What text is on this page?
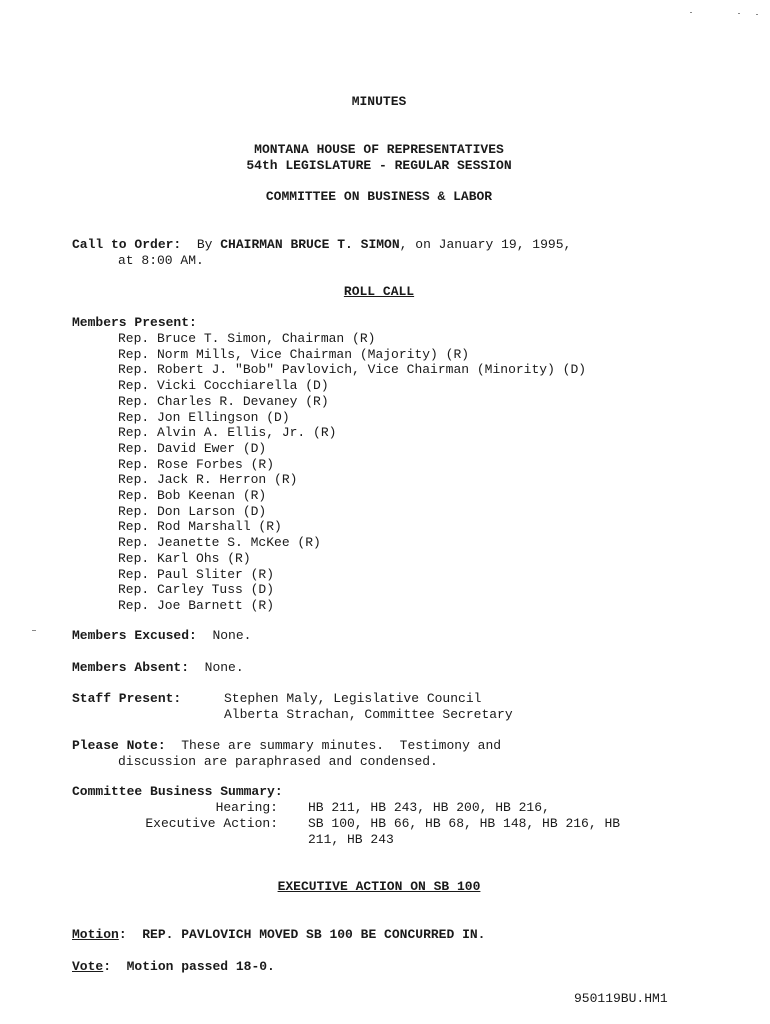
MINUTES
MONTANA HOUSE OF REPRESENTATIVES
54th LEGISLATURE - REGULAR SESSION
COMMITTEE ON BUSINESS & LABOR
Call to Order: By CHAIRMAN BRUCE T. SIMON, on January 19, 1995,
at 8:00 AM.
ROLL CALL
Members Present:
Rep. Bruce T. Simon, Chairman (R)
Rep. Norm Mills, Vice Chairman (Majority) (R)
Rep. Robert J. "Bob" Pavlovich, Vice Chairman (Minority) (D)
Rep. Vicki Cocchiarella (D)
Rep. Charles R. Devaney (R)
Rep. Jon Ellingson (D)
Rep. Alvin A. Ellis, Jr. (R)
Rep. David Ewer (D)
Rep. Rose Forbes (R)
Rep. Jack R. Herron (R)
Rep. Bob Keenan (R)
Rep. Don Larson (D)
Rep. Rod Marshall (R)
Rep. Jeanette S. McKee (R)
Rep. Karl Ohs (R)
Rep. Paul Sliter (R)
Rep. Carley Tuss (D)
Rep. Joe Barnett (R)
Members Excused: None.
Members Absent: None.
Staff Present:	Stephen Maly, Legislative Council
Alberta Strachan, Committee Secretary
Please Note: These are summary minutes.  Testimony and
discussion are paraphrased and condensed.
Committee Business Summary:
Hearing: HB 211, HB 243, HB 200, HB 216,
Executive Action: SB 100, HB 66, HB 68, HB 148, HB 216, HB
211, HB 243
EXECUTIVE ACTION ON SB 100
Motion:  REP. PAVLOVICH MOVED SB 100 BE CONCURRED IN.
Vote:  Motion passed 18-0.
950119BU.HM1
